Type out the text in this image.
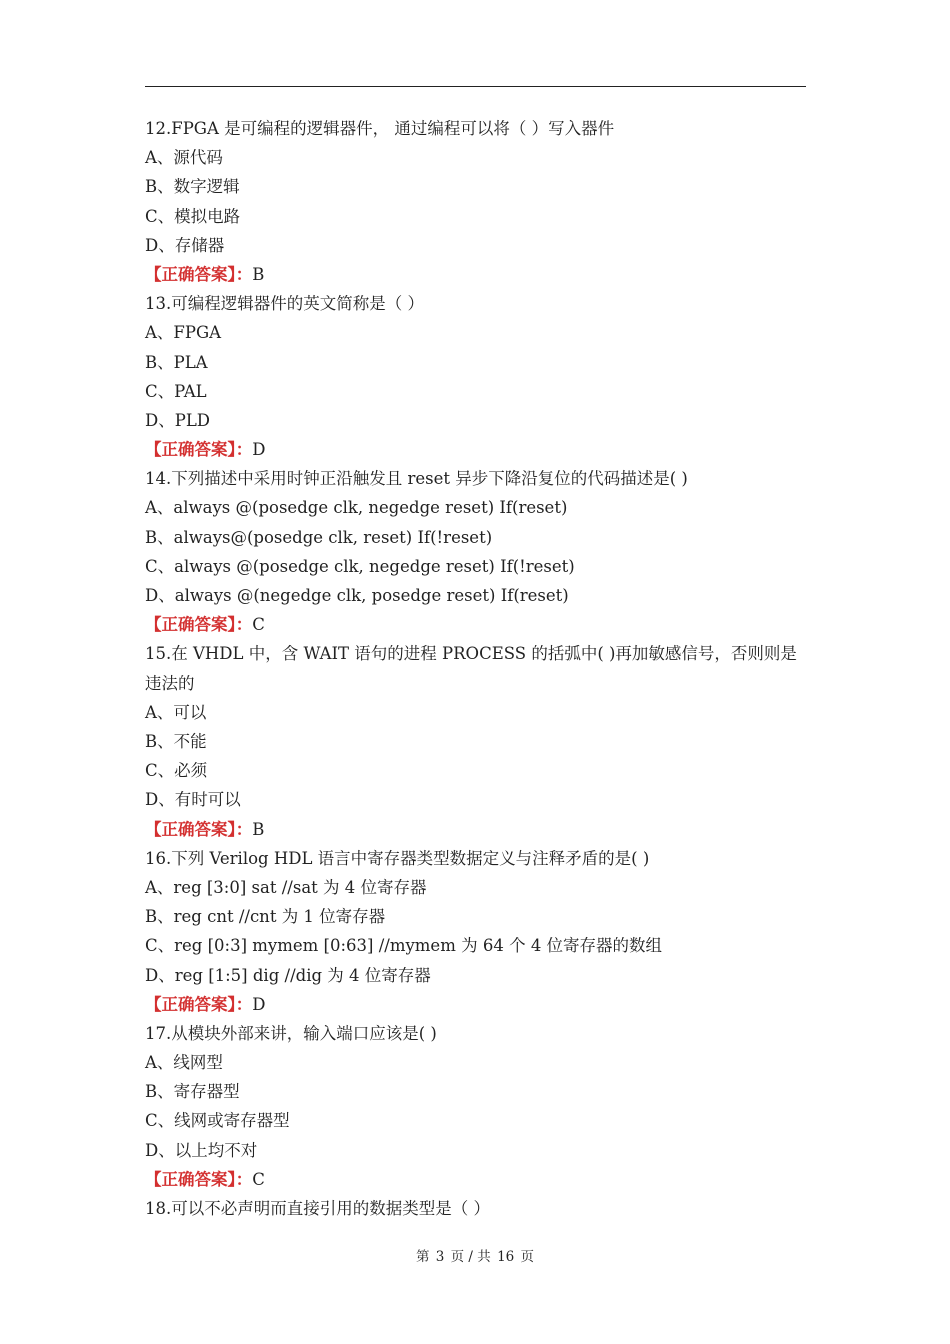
12.FPGA 是可编程的逻辑器件， 通过编程可以将（ ）写入器件
A、源代码
B、数字逻辑
C、模拟电路
D、存储器
【正确答案】：B
13.可编程逻辑器件的英文简称是（ ）
A、FPGA
B、PLA
C、PAL
D、PLD
【正确答案】：D
14.下列描述中采用时钟正沿触发且 reset 异步下降沿复位的代码描述是( )
A、always @(posedge clk, negedge reset) If(reset)
B、always@(posedge clk, reset) If(!reset)
C、always @(posedge clk, negedge reset) If(!reset)
D、always @(negedge clk, posedge reset) If(reset)
【正确答案】：C
15.在 VHDL 中，含 WAIT 语句的进程 PROCESS 的括弧中( )再加敏感信号，否则则是违法的
A、可以
B、不能
C、必须
D、有时可以
【正确答案】：B
16.下列 Verilog HDL 语言中寄存器类型数据定义与注释矛盾的是( )
A、reg [3:0] sat //sat 为 4 位寄存器
B、reg cnt //cnt 为 1 位寄存器
C、reg [0:3] mymem [0:63] //mymem 为 64 个 4 位寄存器的数组
D、reg [1:5] dig //dig 为 4 位寄存器
【正确答案】：D
17.从模块外部来讲，输入端口应该是( )
A、线网型
B、寄存器型
C、线网或寄存器型
D、以上均不对
【正确答案】：C
18.可以不必声明而直接引用的数据类型是（ ）
第 3 页 / 共 16 页
